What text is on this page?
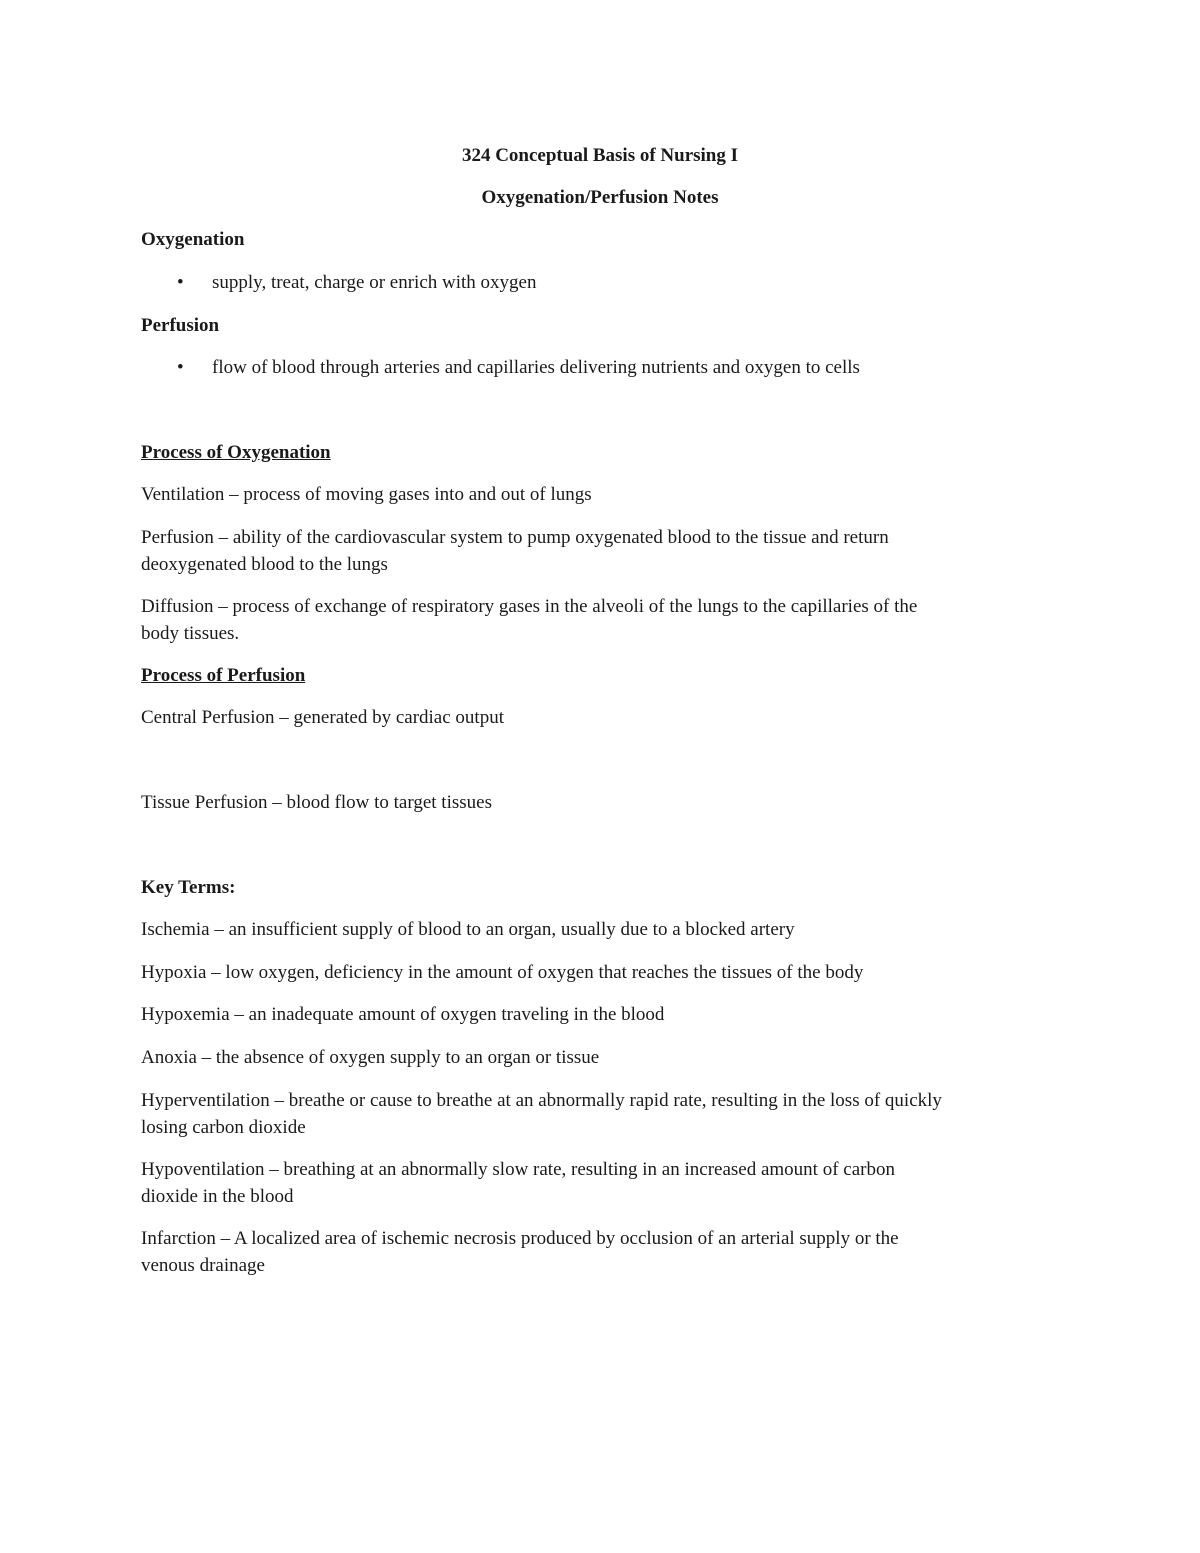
324 Conceptual Basis of Nursing I
Oxygenation/Perfusion Notes
Oxygenation
• supply, treat, charge or enrich with oxygen
Perfusion
• flow of blood through arteries and capillaries delivering nutrients and oxygen to cells
Process of Oxygenation
Ventilation – process of moving gases into and out of lungs
Perfusion – ability of the cardiovascular system to pump oxygenated blood to the tissue and return
deoxygenated blood to the lungs
Diffusion – process of exchange of respiratory gases in the alveoli of the lungs to the capillaries of the
body tissues.
Process of Perfusion
Central Perfusion – generated by cardiac output
Tissue Perfusion – blood flow to target tissues
Key Terms:
Ischemia – an insufficient supply of blood to an organ, usually due to a blocked artery
Hypoxia – low oxygen, deficiency in the amount of oxygen that reaches the tissues of the body
Hypoxemia – an inadequate amount of oxygen traveling in the blood
Anoxia – the absence of oxygen supply to an organ or tissue
Hyperventilation – breathe or cause to breathe at an abnormally rapid rate, resulting in the loss of quickly
losing carbon dioxide
Hypoventilation – breathing at an abnormally slow rate, resulting in an increased amount of carbon
dioxide in the blood
Infarction – A localized area of ischemic necrosis produced by occlusion of an arterial supply or the
venous drainage
